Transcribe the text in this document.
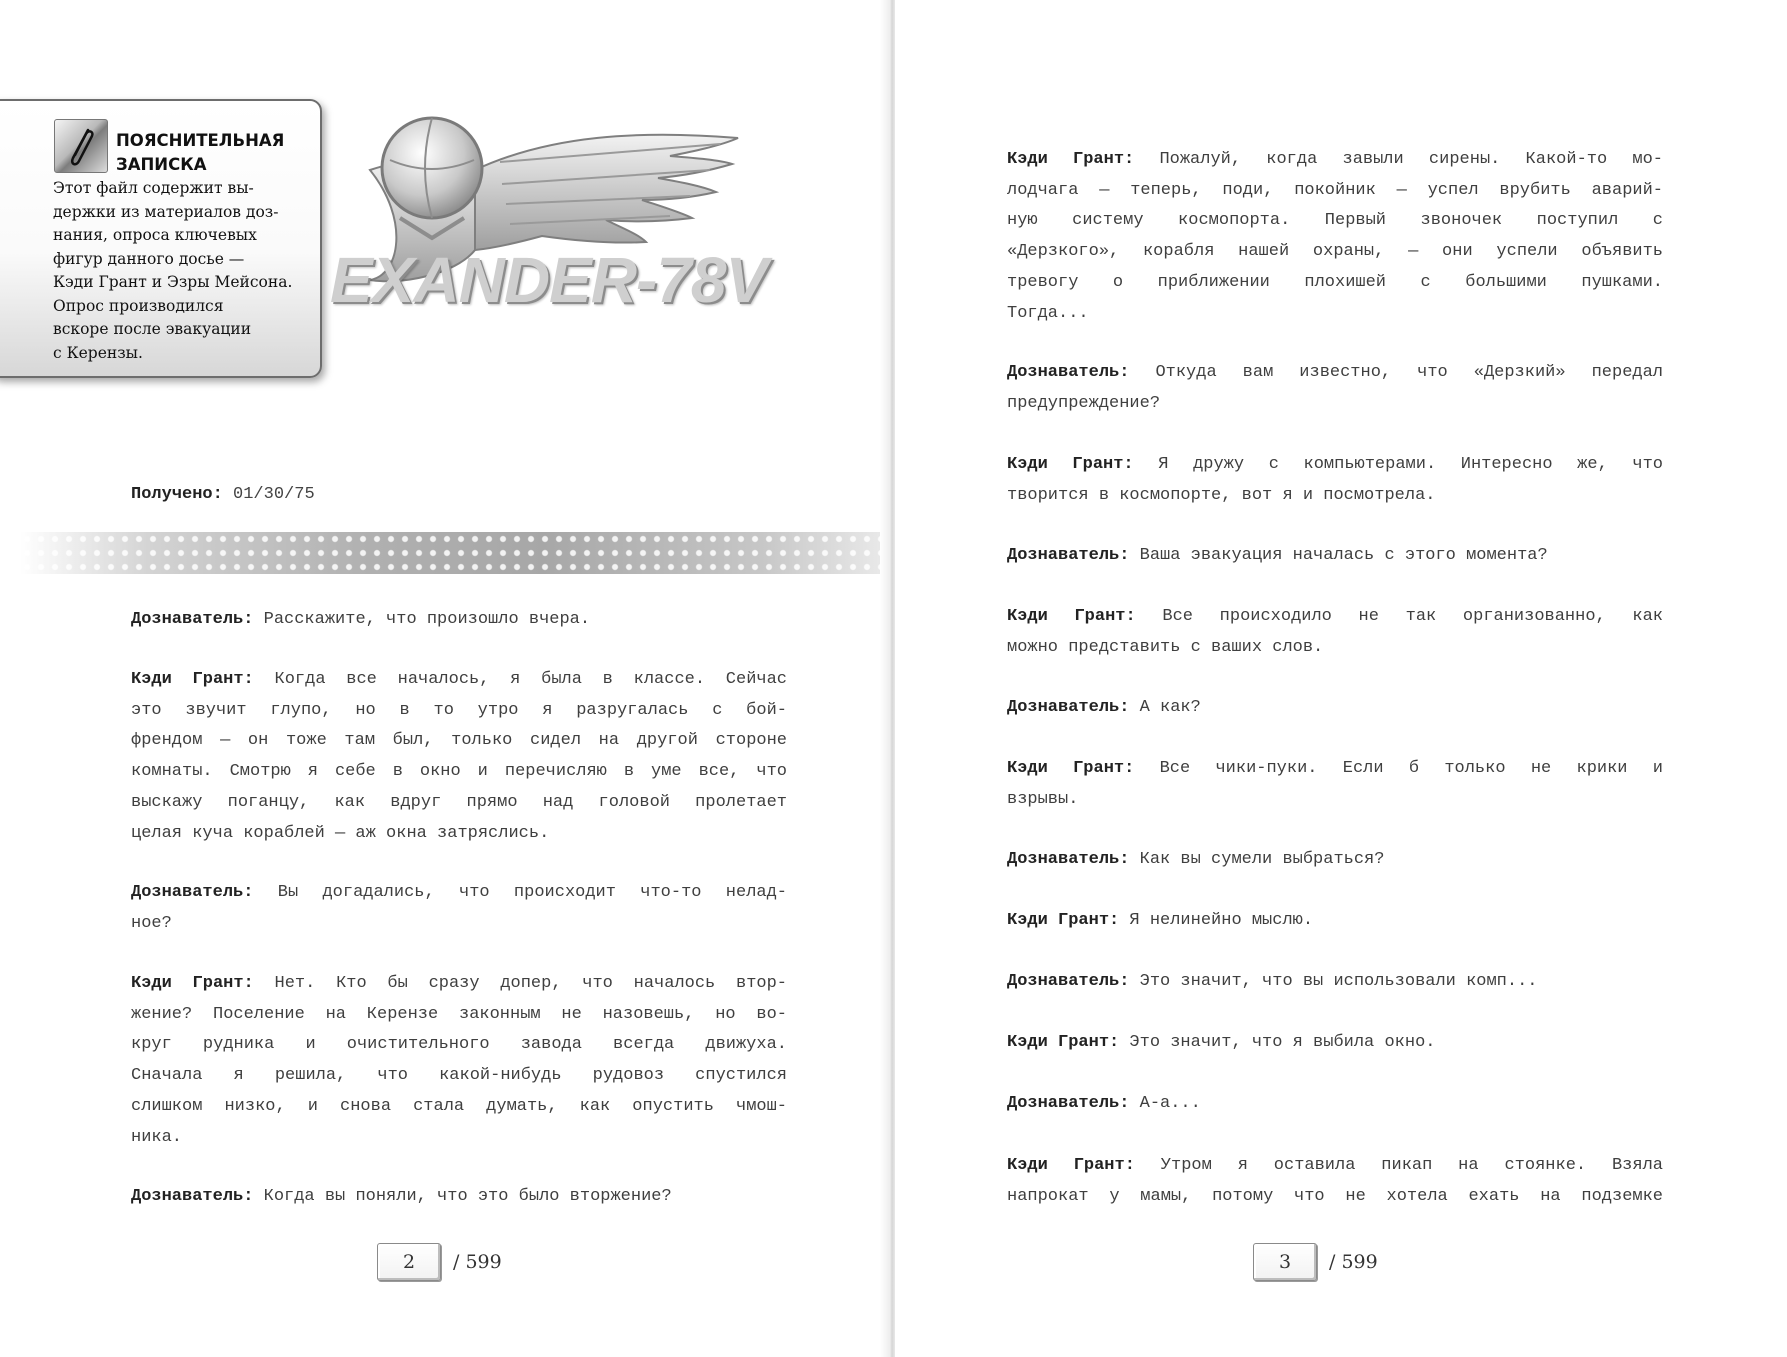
EXANDER-78V
ПОЯСНИТЕЛЬНАЯ ЗАПИСКА
Этот файл содержит вы-
держки из материалов доз-
нания, опроса ключевых
фигур данного досье —
Кэди Грант и Эзры Мейсона.
Опрос производился
вскоре после эвакуации
с Керензы.
Получено: 01/30/75
Дознаватель: Расскажите, что произошло вчера.
Кэди Грант: Когда все началось, я была в классе. Сейчас
это звучит глупо, но в то утро я разругалась с бой-
френдом — он тоже там был, только сидел на другой стороне
комнаты. Смотрю я себе в окно и перечисляю в уме все, что
выскажу поганцу, как вдруг прямо над головой пролетает
целая куча кораблей — аж окна затряслись.
Дознаватель: Вы догадались, что происходит что-то нелад-
ное?
Кэди Грант: Нет. Кто бы сразу допер, что началось втор-
жение? Поселение на Керензе законным не назовешь, но во-
круг рудника и очистительного завода всегда движуха.
Сначала я решила, что какой-нибудь рудовоз спустился
слишком низко, и снова стала думать, как опустить чмош-
ника.
Дознаватель: Когда вы поняли, что это было вторжение?
2	/ 599
Кэди Грант: Пожалуй, когда завыли сирены. Какой-то мо-
лодчага — теперь, поди, покойник — успел врубить аварий-
ную систему космопорта. Первый звоночек поступил с
«Дерзкого», корабля нашей охраны, — они успели объявить
тревогу о приближении плохишей с большими пушками.
Тогда...
Дознаватель: Откуда вам известно, что «Дерзкий» передал
предупреждение?
Кэди Грант: Я дружу с компьютерами. Интересно же, что
творится в космопорте, вот я и посмотрела.
Дознаватель: Ваша эвакуация началась с этого момента?
Кэди Грант: Все происходило не так организованно, как
можно представить с ваших слов.
Дознаватель: А как?
Кэди Грант: Все чики-пуки. Если б только не крики и
взрывы.
Дознаватель: Как вы сумели выбраться?
Кэди Грант: Я нелинейно мыслю.
Дознаватель: Это значит, что вы использовали комп...
Кэди Грант: Это значит, что я выбила окно.
Дознаватель: А-а...
Кэди Грант: Утром я оставила пикап на стоянке. Взяла
напрокат у мамы, потому что не хотела ехать на подземке
3	/ 599
